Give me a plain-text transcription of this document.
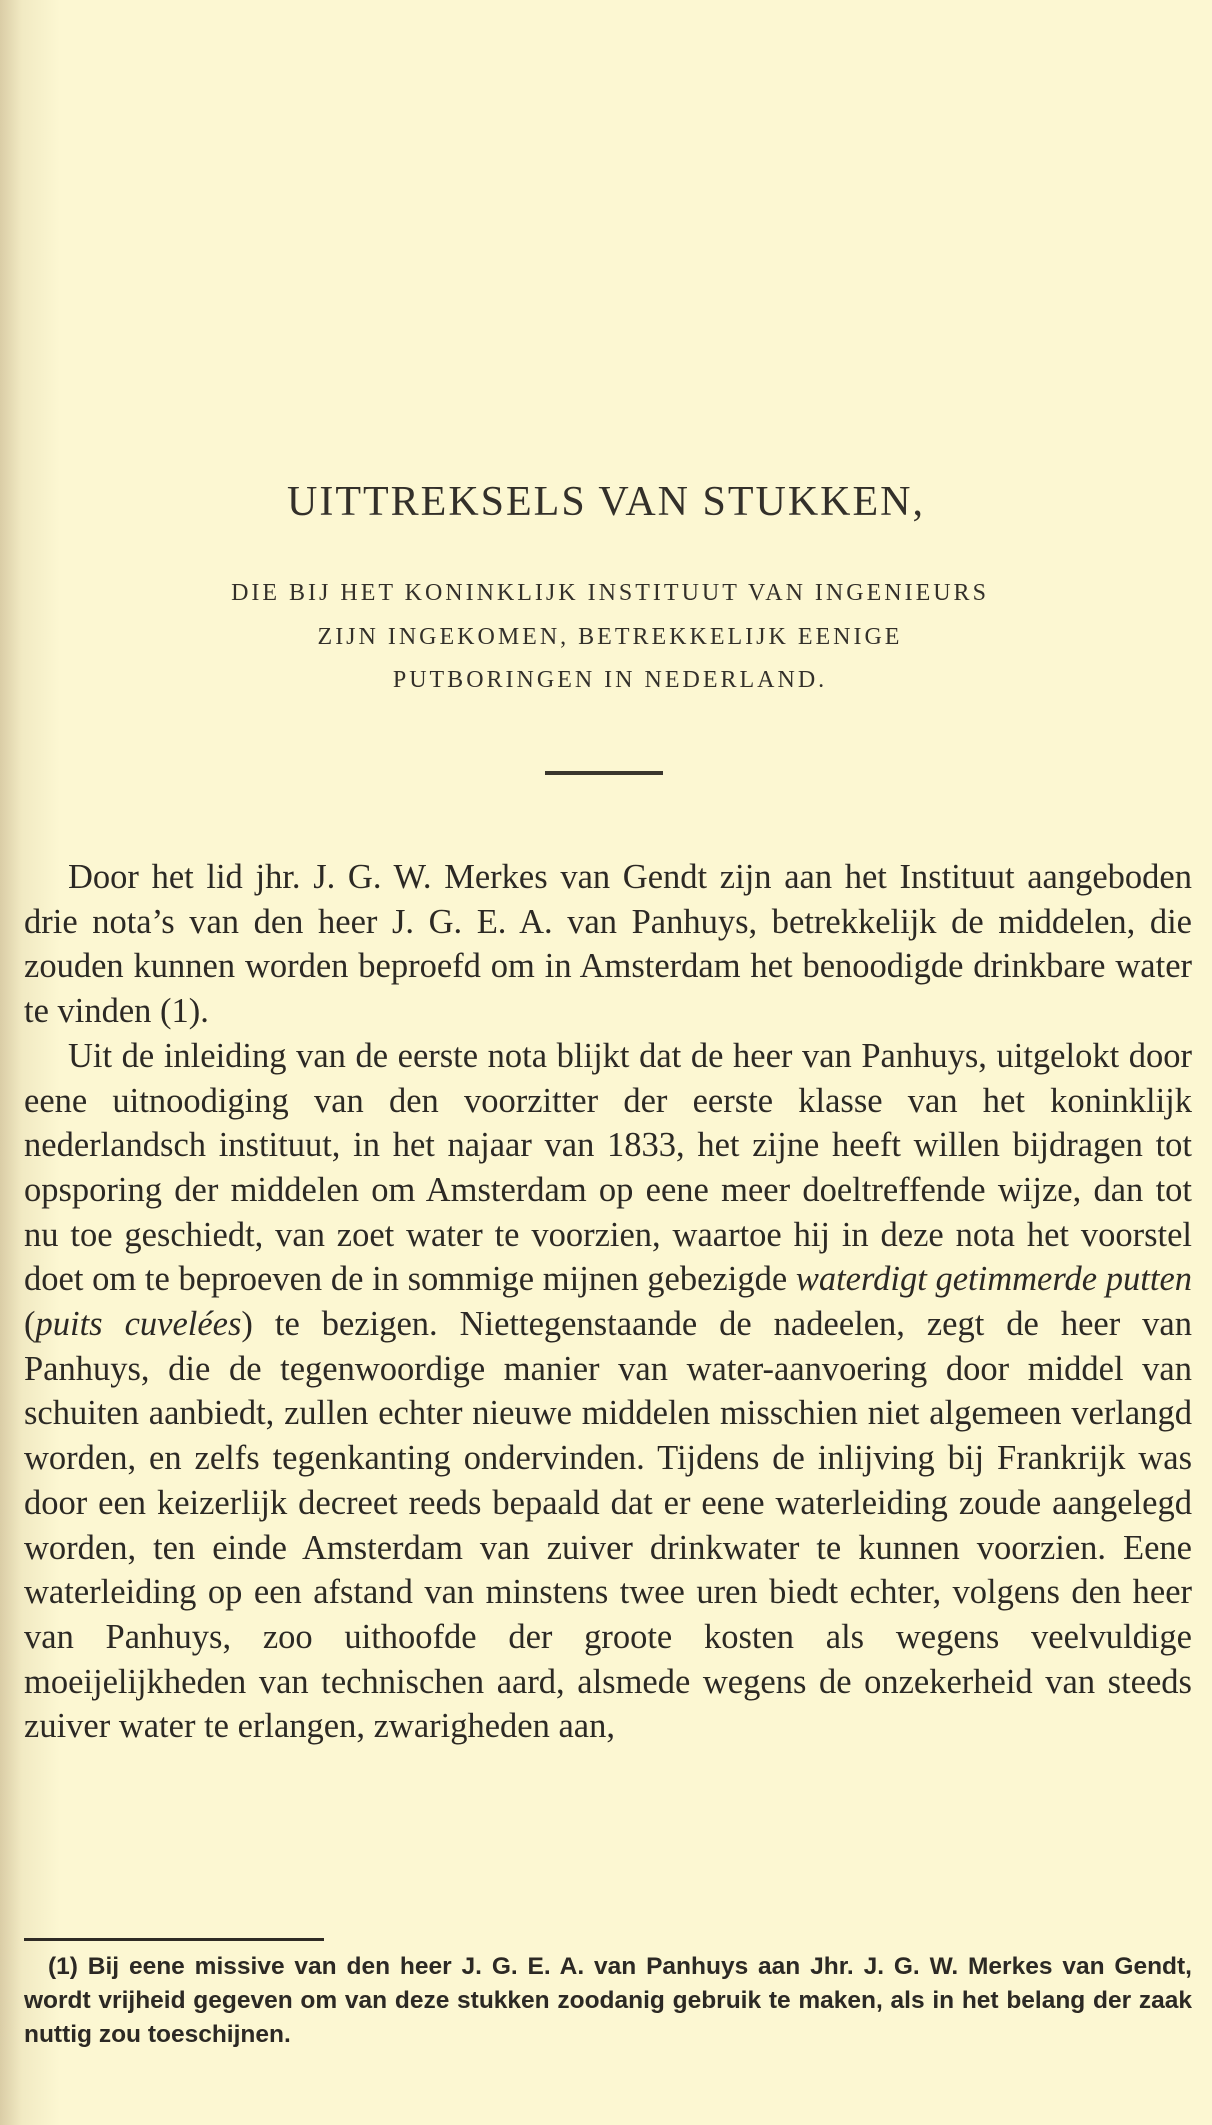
UITTREKSELS VAN STUKKEN,
DIE BIJ HET KONINKLIJK INSTITUUT VAN INGENIEURS
ZIJN INGEKOMEN, BETREKKELIJK EENIGE
PUTBORINGEN IN NEDERLAND.

Door het lid jhr. J. G. W. Merkes van Gendt zijn aan het Instituut aangeboden drie nota’s van den heer J. G. E. A. van Panhuys, betrekkelijk de middelen, die zouden kunnen worden beproefd om in Amsterdam het benoodigde drinkbare water te vinden (1).

Uit de inleiding van de eerste nota blijkt dat de heer van Panhuys, uitgelokt door eene uitnoodiging van den voorzitter der eerste klasse van het koninklijk nederlandsch instituut, in het najaar van 1833, het zijne heeft willen bijdragen tot opsporing der middelen om Amsterdam op eene meer doeltreffende wijze, dan tot nu toe geschiedt, van zoet water te voorzien, waartoe hij in deze nota het voorstel doet om te beproeven de in sommige mijnen gebezigde waterdigt getimmerde putten (puits cuvelées) te bezigen. Niettegenstaande de nadeelen, zegt de heer van Panhuys, die de tegenwoordige manier van water-aanvoering door middel van schuiten aanbiedt, zullen echter nieuwe middelen misschien niet algemeen verlangd worden, en zelfs tegenkanting ondervinden. Tijdens de inlijving bij Frankrijk was door een keizerlijk decreet reeds bepaald dat er eene waterleiding zoude aangelegd worden, ten einde Amsterdam van zuiver drinkwater te kunnen voorzien. Eene waterleiding op een afstand van minstens twee uren biedt echter, volgens den heer van Panhuys, zoo uithoofde der groote kosten als wegens veelvuldige moeijelijkheden van technischen aard, alsmede wegens de onzekerheid van steeds zuiver water te erlangen, zwarigheden aan,

(1) Bij eene missive van den heer J. G. E. A. van Panhuys aan Jhr. J. G. W. Merkes van Gendt, wordt vrijheid gegeven om van deze stukken zoodanig gebruik te maken, als in het belang der zaak nuttig zou toeschijnen.
